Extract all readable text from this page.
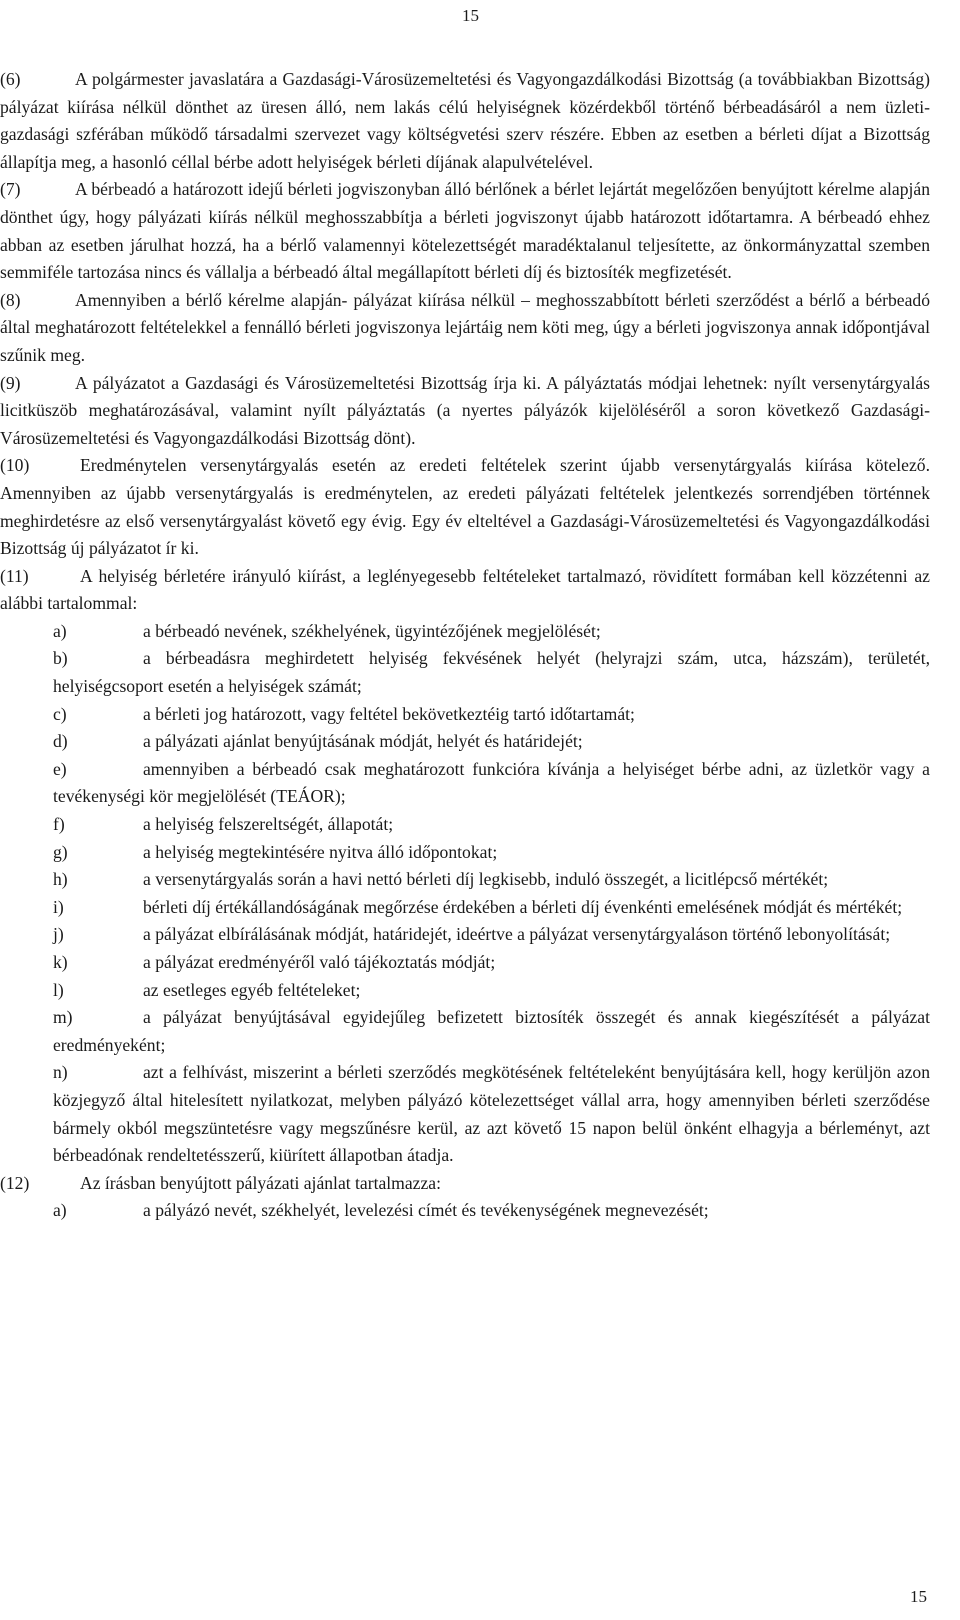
15

(6)	A polgármester javaslatára a Gazdasági-Városüzemeltetési és Vagyongazdálkodási Bizottság (a továbbiakban Bizottság) pályázat kiírása nélkül dönthet az üresen álló, nem lakás célú helyiségnek közérdekből történő bérbeadásáról a nem üzleti-gazdasági szférában működő társadalmi szervezet vagy költségvetési szerv részére. Ebben az esetben a bérleti díjat a Bizottság állapítja meg, a hasonló céllal bérbe adott helyiségek bérleti díjának alapulvételével.

(7)	A bérbeadó a határozott idejű bérleti jogviszonyban álló bérlőnek a bérlet lejártát megelőzően benyújtott kérelme alapján dönthet úgy, hogy pályázati kiírás nélkül meghosszabbítja a bérleti jogviszonyt újabb határozott időtartamra. A bérbeadó ehhez abban az esetben járulhat hozzá, ha a bérlő valamennyi kötelezettségét maradéktalanul teljesítette, az önkormányzattal szemben semmiféle tartozása nincs és vállalja a bérbeadó által megállapított bérleti díj és biztosíték megfizetését.

(8)	Amennyiben a bérlő kérelme alapján- pályázat kiírása nélkül – meghosszabbított bérleti szerződést a bérlő a bérbeadó által meghatározott feltételekkel a fennálló bérleti jogviszonya lejártáig nem köti meg, úgy a bérleti jogviszonya annak időpontjával szűnik meg.

(9)	A pályázatot a Gazdasági és Városüzemeltetési Bizottság írja ki. A pályáztatás módjai lehetnek: nyílt versenytárgyalás licitküszöb meghatározásával, valamint nyílt pályáztatás (a nyertes pályázók kijelöléséről a soron következő Gazdasági-Városüzemeltetési és Vagyongazdálkodási Bizottság dönt).

(10)	Eredménytelen versenytárgyalás esetén az eredeti feltételek szerint újabb versenytárgyalás kiírása kötelező. Amennyiben az újabb versenytárgyalás is eredménytelen, az eredeti pályázati feltételek jelentkezés sorrendjében történnek meghirdetésre az első versenytárgyalást követő egy évig. Egy év elteltével a Gazdasági-Városüzemeltetési és Vagyongazdálkodási Bizottság új pályázatot ír ki.

(11)	A helyiség bérletére irányuló kiírást, a leglényegesebb feltételeket tartalmazó, rövidített formában kell közzétenni az alábbi tartalommal:

a)	a bérbeadó nevének, székhelyének, ügyintézőjének megjelölését;

b)	a bérbeadásra meghirdetett helyiség fekvésének helyét (helyrajzi szám, utca, házszám), területét, helyiségcsoport esetén a helyiségek számát;

c)	a bérleti jog határozott, vagy feltétel bekövetkeztéig tartó időtartamát;

d)	a pályázati ajánlat benyújtásának módját, helyét és határidejét;

e)	amennyiben a bérbeadó csak meghatározott funkcióra kívánja a helyiséget bérbe adni, az üzletkör vagy a tevékenységi kör megjelölését (TEÁOR);

f)	a helyiség felszereltségét, állapotát;

g)	a helyiség megtekintésére nyitva álló időpontokat;

h)	a versenytárgyalás során a havi nettó bérleti díj legkisebb, induló összegét, a licitlépcső mértékét;

i)	bérleti díj értékállandóságának megőrzése érdekében a bérleti díj évenkénti emelésének módját és mértékét;

j)	a pályázat elbírálásának módját, határidejét, ideértve a pályázat versenytárgyaláson történő lebonyolítását;

k)	a pályázat eredményéről való tájékoztatás módját;

l)	az esetleges egyéb feltételeket;

m)	a pályázat benyújtásával egyidejűleg befizetett biztosíték összegét és annak kiegészítését a pályázat eredményeként;

n)	azt a felhívást, miszerint a bérleti szerződés megkötésének feltételeként benyújtására kell, hogy kerüljön azon közjegyző által hitelesített nyilatkozat, melyben pályázó kötelezettséget vállal arra, hogy amennyiben bérleti szerződése bármely okból megszüntetésre vagy megszűnésre kerül, az azt követő 15 napon belül önként elhagyja a bérleményt, azt bérbeadónak rendeltetésszerű, kiürített állapotban átadja.

(12)	Az írásban benyújtott pályázati ajánlat tartalmazza:

a)	a pályázó nevét, székhelyét, levelezési címét és tevékenységének megnevezését;

15
